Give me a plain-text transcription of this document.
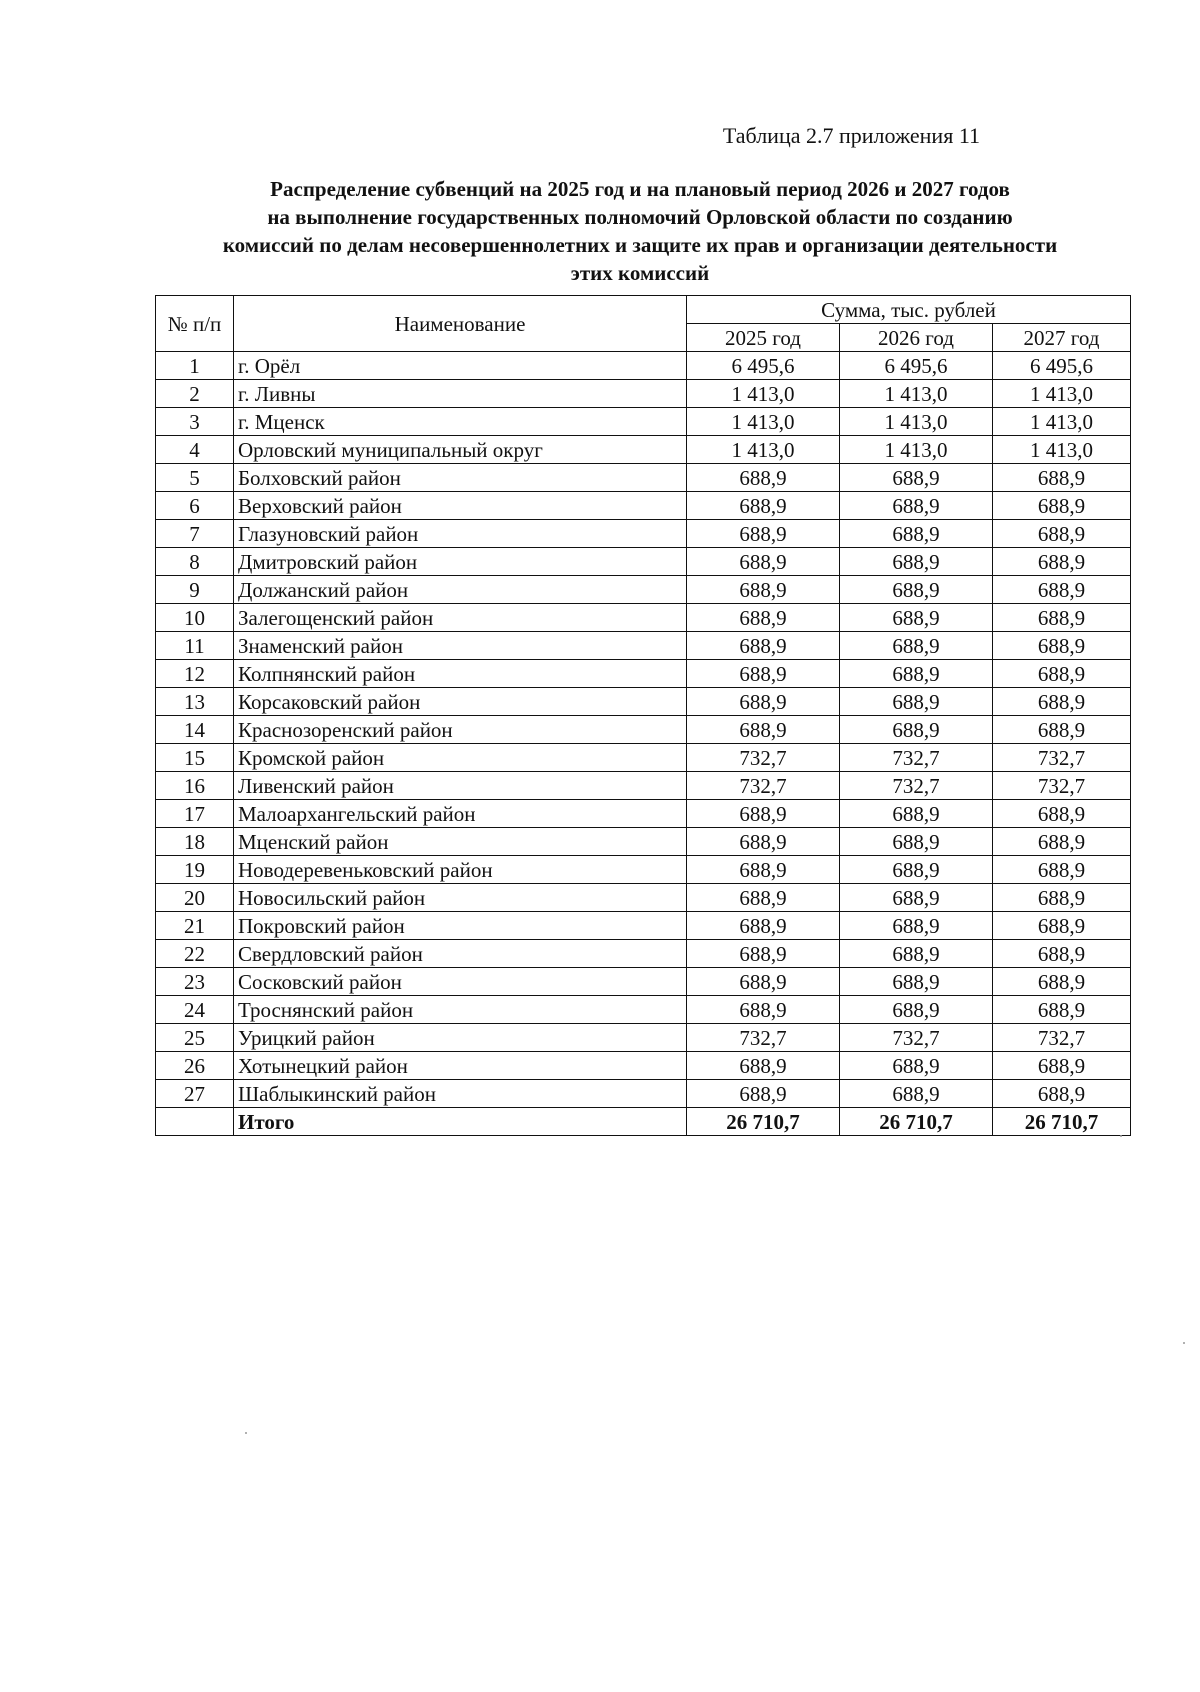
Таблица 2.7 приложения 11
Распределение субвенций на 2025 год и на плановый период 2026 и 2027 годов
на выполнение государственных полномочий Орловской области по созданию
комиссий по делам несовершеннолетних и защите их прав и организации деятельности
этих комиссий
№ п/п	Наименование	Сумма, тыс. рублей		
		2025 год	2026 год	2027 год
1	г. Орёл	6 495,6	6 495,6	6 495,6
2	г. Ливны	1 413,0	1 413,0	1 413,0
3	г. Мценск	1 413,0	1 413,0	1 413,0
4	Орловский муниципальный округ	1 413,0	1 413,0	1 413,0
5	Болховский район	688,9	688,9	688,9
6	Верховский район	688,9	688,9	688,9
7	Глазуновский район	688,9	688,9	688,9
8	Дмитровский район	688,9	688,9	688,9
9	Должанский район	688,9	688,9	688,9
10	Залегощенский район	688,9	688,9	688,9
11	Знаменский район	688,9	688,9	688,9
12	Колпнянский район	688,9	688,9	688,9
13	Корсаковский район	688,9	688,9	688,9
14	Краснозоренский район	688,9	688,9	688,9
15	Кромской район	732,7	732,7	732,7
16	Ливенский район	732,7	732,7	732,7
17	Малоархангельский район	688,9	688,9	688,9
18	Мценский район	688,9	688,9	688,9
19	Новодеревеньковский район	688,9	688,9	688,9
20	Новосильский район	688,9	688,9	688,9
21	Покровский район	688,9	688,9	688,9
22	Свердловский район	688,9	688,9	688,9
23	Сосковский район	688,9	688,9	688,9
24	Троснянский район	688,9	688,9	688,9
25	Урицкий район	732,7	732,7	732,7
26	Хотынецкий район	688,9	688,9	688,9
27	Шаблыкинский район	688,9	688,9	688,9
	Итого	26 710,7	26 710,7	26 710,7
